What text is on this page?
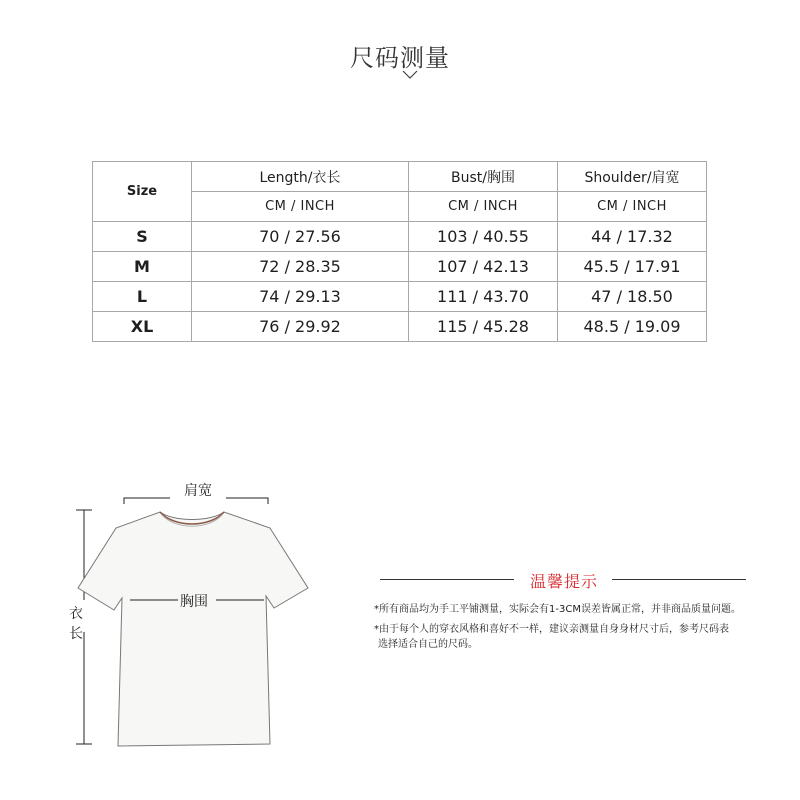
尺码测量
Size	Length/衣长	Bust/胸围	Shoulder/肩宽
	CM / INCH	CM / INCH	CM / INCH
S	70 / 27.56	103 / 40.55	44 / 17.32
M	72 / 28.35	107 / 42.13	45.5 / 17.91
L	74 / 29.13	111 / 43.70	47 / 18.50
XL	76 / 29.92	115 / 45.28	48.5 / 19.09
肩宽
胸围
衣长
温馨提示
*所有商品均为手工平铺测量，实际会有1-3CM误差皆属正常，并非商品质量问题。
*由于每个人的穿衣风格和喜好不一样，建议亲测量自身身材尺寸后，参考尺码表
选择适合自己的尺码。
